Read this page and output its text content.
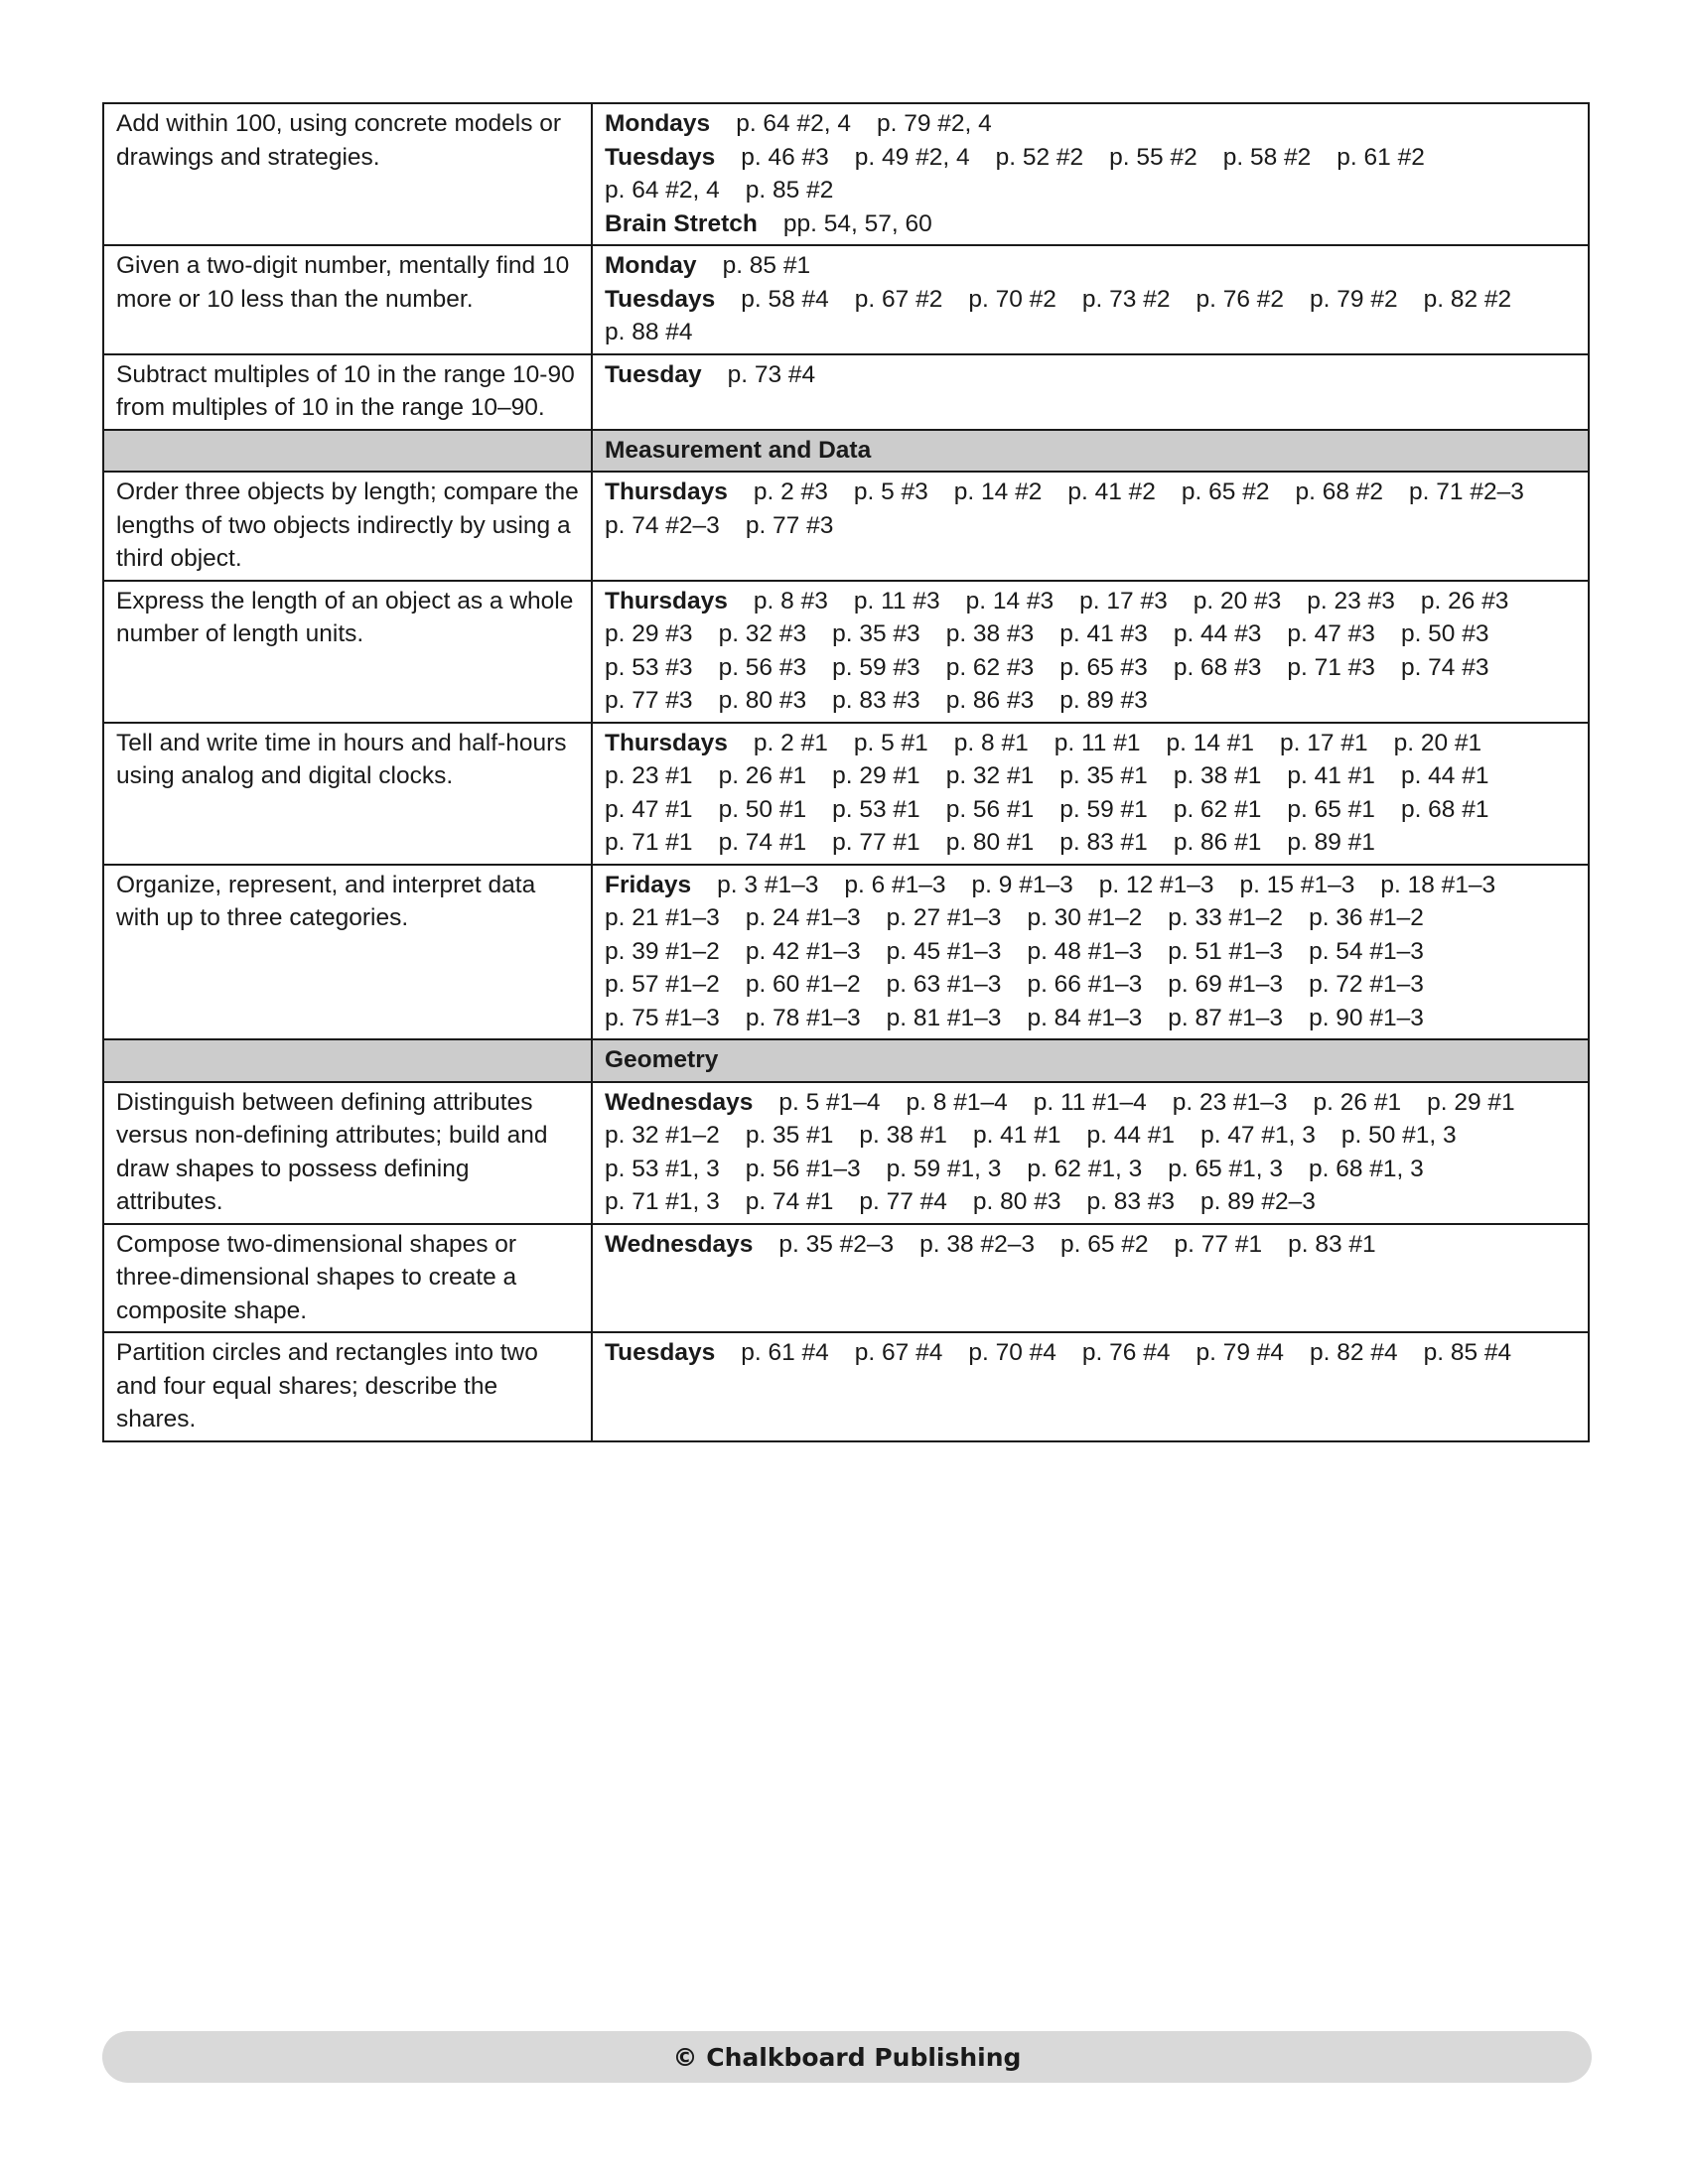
Add within 100, using concrete models or drawings and strategies.	Mondays p. 64 #2, 4 p. 79 #2, 4
Tuesdays p. 46 #3 p. 49 #2, 4 p. 52 #2 p. 55 #2 p. 58 #2 p. 61 #2p. 64 #2, 4 p. 85 #2
Brain Stretch pp. 54, 57, 60

Given a two-digit number, mentally find 10 more or 10 less than the number.	Monday p. 85 #1
Tuesdays p. 58 #4 p. 67 #2 p. 70 #2 p. 73 #2 p. 76 #2 p. 79 #2 p. 82 #2p. 88 #4

Subtract multiples of 10 in the range 10-90 from multiples of 10 in the range 10–90.	Tuesday p. 73 #4

	Measurement and Data
Order three objects by length; compare the lengths of two objects indirectly by using a third object.	Thursdays p. 2 #3 p. 5 #3 p. 14 #2 p. 41 #2 p. 65 #2 p. 68 #2 p. 71 #2–3p. 74 #2–3 p. 77 #3

Express the length of an object as a whole number of length units.	Thursdays p. 8 #3 p. 11 #3 p. 14 #3 p. 17 #3 p. 20 #3 p. 23 #3 p. 26 #3p. 29 #3 p. 32 #3 p. 35 #3 p. 38 #3 p. 41 #3 p. 44 #3 p. 47 #3 p. 50 #3p. 53 #3 p. 56 #3 p. 59 #3 p. 62 #3 p. 65 #3 p. 68 #3 p. 71 #3 p. 74 #3p. 77 #3 p. 80 #3 p. 83 #3 p. 86 #3 p. 89 #3

Tell and write time in hours and half-hours using analog and digital clocks.	Thursdays p. 2 #1 p. 5 #1 p. 8 #1 p. 11 #1 p. 14 #1 p. 17 #1 p. 20 #1p. 23 #1 p. 26 #1 p. 29 #1 p. 32 #1 p. 35 #1 p. 38 #1 p. 41 #1 p. 44 #1p. 47 #1 p. 50 #1 p. 53 #1 p. 56 #1 p. 59 #1 p. 62 #1 p. 65 #1 p. 68 #1p. 71 #1 p. 74 #1 p. 77 #1 p. 80 #1 p. 83 #1 p. 86 #1 p. 89 #1

Organize, represent, and interpret data with up to three categories.	Fridays p. 3 #1–3 p. 6 #1–3 p. 9 #1–3 p. 12 #1–3 p. 15 #1–3 p. 18 #1–3p. 21 #1–3 p. 24 #1–3 p. 27 #1–3 p. 30 #1–2 p. 33 #1–2 p. 36 #1–2p. 39 #1–2 p. 42 #1–3 p. 45 #1–3 p. 48 #1–3 p. 51 #1–3 p. 54 #1–3p. 57 #1–2 p. 60 #1–2 p. 63 #1–3 p. 66 #1–3 p. 69 #1–3 p. 72 #1–3p. 75 #1–3 p. 78 #1–3 p. 81 #1–3 p. 84 #1–3 p. 87 #1–3 p. 90 #1–3

	Geometry
Distinguish between defining attributes versus non-defining attributes; build and draw shapes to possess defining attributes.	Wednesdays p. 5 #1–4 p. 8 #1–4 p. 11 #1–4 p. 23 #1–3 p. 26 #1 p. 29 #1p. 32 #1–2 p. 35 #1 p. 38 #1 p. 41 #1 p. 44 #1 p. 47 #1, 3 p. 50 #1, 3p. 53 #1, 3 p. 56 #1–3 p. 59 #1, 3 p. 62 #1, 3 p. 65 #1, 3 p. 68 #1, 3p. 71 #1, 3 p. 74 #1 p. 77 #4 p. 80 #3 p. 83 #3 p. 89 #2–3

Compose two-dimensional shapes or three-dimensional shapes to create a composite shape.	Wednesdays p. 35 #2–3 p. 38 #2–3 p. 65 #2 p. 77 #1 p. 83 #1

Partition circles and rectangles into two and four equal shares; describe the shares.	Tuesdays p. 61 #4 p. 67 #4 p. 70 #4 p. 76 #4 p. 79 #4 p. 82 #4 p. 85 #4
© Chalkboard Publishing
